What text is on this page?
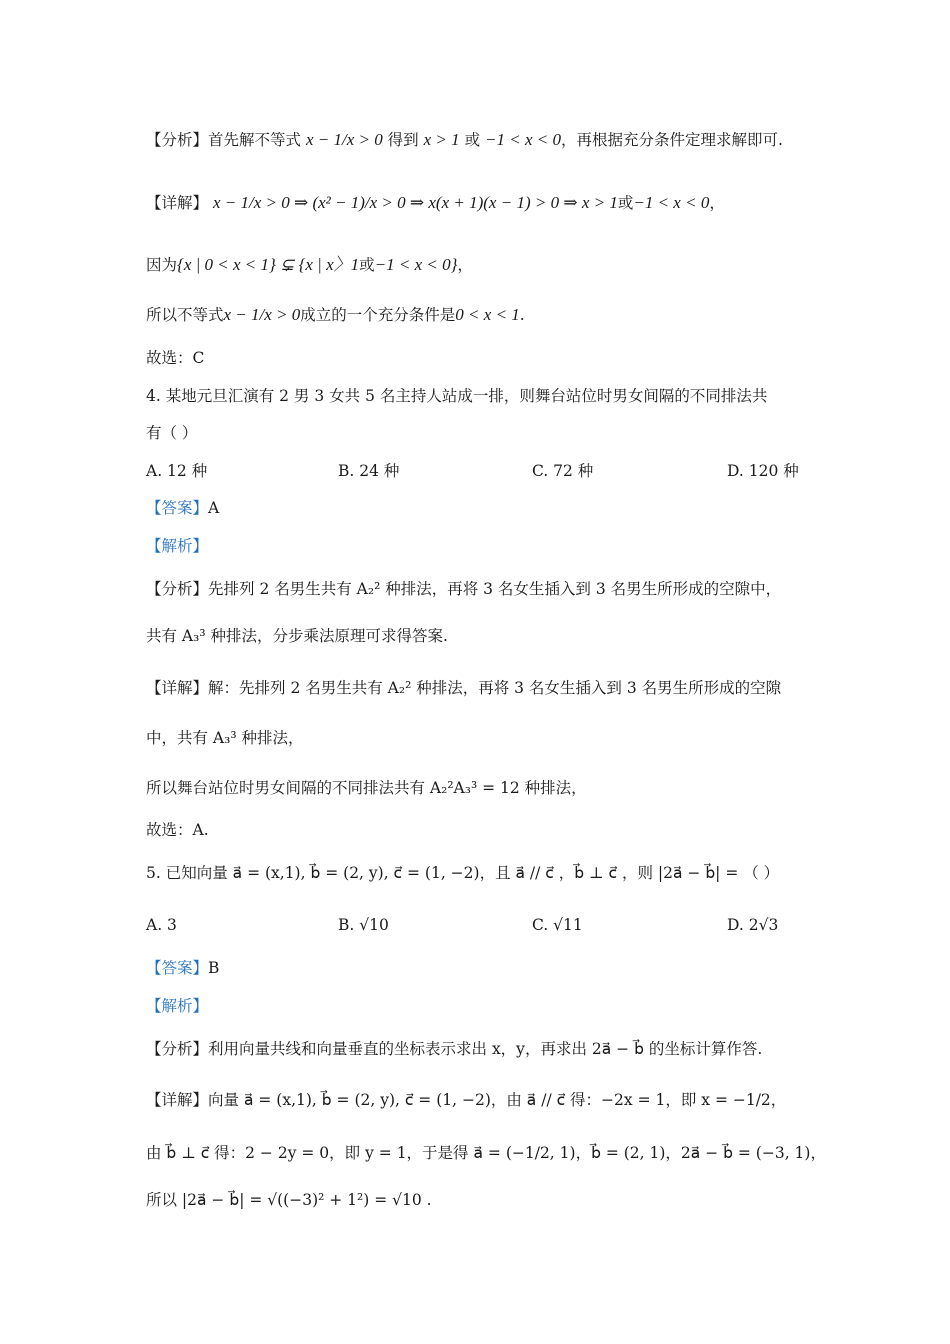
【分析】首先解不等式 x − 1/x > 0 得到 x > 1 或 −1 < x < 0，再根据充分条件定理求解即可.
【详解】 x − 1/x > 0 ⇒ (x² − 1)/x > 0 ⇒ x(x + 1)(x − 1) > 0 ⇒ x > 1或−1 < x < 0，
因为{x | 0 < x < 1} ⊊ {x | x〉1或−1 < x < 0}，
所以不等式x − 1/x > 0成立的一个充分条件是0 < x < 1.
故选：C
4. 某地元旦汇演有 2 男 3 女共 5 名主持人站成一排，则舞台站位时男女间隔的不同排法共
有（ ）
A. 12 种	B. 24 种	C. 72 种	D. 120 种
【答案】A
【解析】
【分析】先排列 2 名男生共有 A₂² 种排法，再将 3 名女生插入到 3 名男生所形成的空隙中，
共有 A₃³ 种排法，分步乘法原理可求得答案.
【详解】解：先排列 2 名男生共有 A₂² 种排法，再将 3 名女生插入到 3 名男生所形成的空隙
中，共有 A₃³ 种排法，
所以舞台站位时男女间隔的不同排法共有 A₂²A₃³ = 12 种排法，
故选：A.
5. 已知向量 a⃗ = (x,1), b⃗ = (2, y), c⃗ = (1, −2)，且 a⃗ // c⃗ ，b⃗ ⊥ c⃗ ，则 |2a⃗ − b⃗| = （ ）
A. 3	B. √10	C. √11	D. 2√3
【答案】B
【解析】
【分析】利用向量共线和向量垂直的坐标表示求出 x，y，再求出 2a⃗ − b⃗ 的坐标计算作答.
【详解】向量 a⃗ = (x,1), b⃗ = (2, y), c⃗ = (1, −2)，由 a⃗ // c⃗ 得：−2x = 1，即 x = −1/2，
由 b⃗ ⊥ c⃗ 得：2 − 2y = 0，即 y = 1，于是得 a⃗ = (−1/2, 1)，b⃗ = (2, 1)，2a⃗ − b⃗ = (−3, 1)，
所以 |2a⃗ − b⃗| = √((−3)² + 1²) = √10 .
